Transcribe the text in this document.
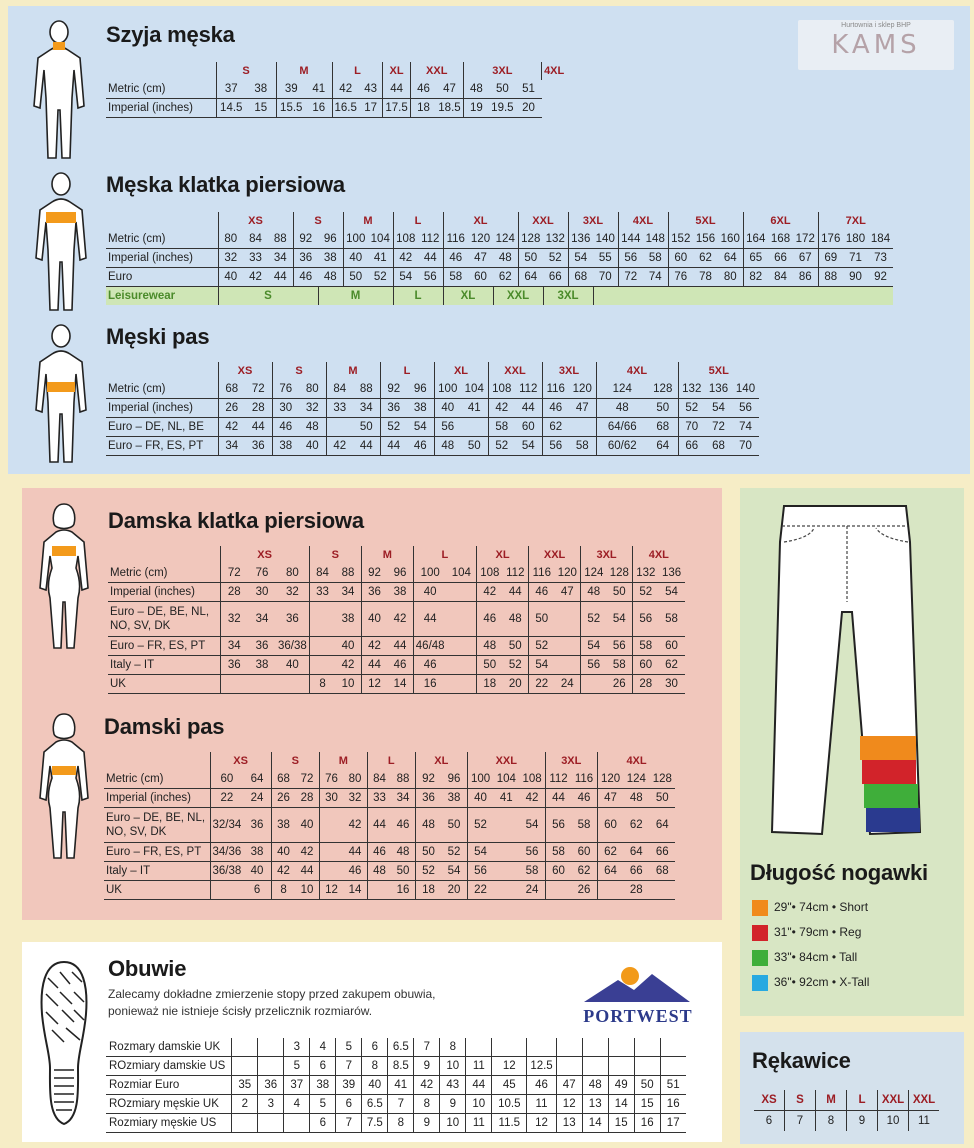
Hurtownia i sklep BHP
KAMS
Szyja męska
	S		M		L		XL	XXL		3XL			4XL
Metric (cm)	37	38	39	41	42	43	44	46	47	48	50	51	
Imperial (inches)	14.5	15	15.5	16	16.5	17	17.5	18	18.5	19	19.5	20	
Męska klatka piersiowa
	XS			S		M		L		XL			XXL		3XL		4XL		5XL			6XL			7XL		
Metric (cm)	80	84	88	92	96	100	104	108	112	116	120	124	128	132	136	140	144	148	152	156	160	164	168	172	176	180	184
Imperial (inches)	32	33	34	36	38	40	41	42	44	46	47	48	50	52	54	55	56	58	60	62	64	65	66	67	69	71	73
Euro	40	42	44	46	48	50	52	54	56	58	60	62	64	66	68	70	72	74	76	78	80	82	84	86	88	90	92
Leisurewear	S				M			L		XL		XXL		3XL													
Męski pas
	XS		S		M		L		XL		XXL		3XL		4XL		5XL		
Metric (cm)	68	72	76	80	84	88	92	96	100	104	108	112	116	120	124	128	132	136	140
Imperial (inches)	26	28	30	32	33	34	36	38	40	41	42	44	46	47	48	50	52	54	56
Euro – DE, NL, BE	42	44	46	48		50	52	54	56		58	60	62		64/66	68	70	72	74
Euro – FR, ES, PT	34	36	38	40	42	44	44	46	48	50	52	54	56	58	60/62	64	66	68	70
Damska klatka piersiowa
	XS			S		M		L		XL		XXL		3XL		4XL	
Metric (cm)	72	76	80	84	88	92	96	100	104	108	112	116	120	124	128	132	136
Imperial (inches)	28	30	32	33	34	36	38	40		42	44	46	47	48	50	52	54
Euro – DE, BE, NL, NO, SV, DK	32	34	36		38	40	42	44		46	48	50		52	54	56	58
Euro – FR, ES, PT	34	36	36/38		40	42	44	46/48		48	50	52		54	56	58	60
Italy – IT	36	38	40		42	44	46	46		50	52	54		56	58	60	62
UK				8	10	12	14	16		18	20	22	24		26	28	30
Damski pas
	XS		S		M		L		XL		XXL			3XL		4XL		
Metric (cm)	60	64	68	72	76	80	84	88	92	96	100	104	108	112	116	120	124	128
Imperial (inches)	22	24	26	28	30	32	33	34	36	38	40	41	42	44	46	47	48	50
Euro – DE, BE, NL, NO, SV, DK	32/34	36	38	40		42	44	46	48	50	52		54	56	58	60	62	64
Euro – FR, ES, PT	34/36	38	40	42		44	46	48	50	52	54		56	58	60	62	64	66
Italy – IT	36/38	40	42	44		46	48	50	52	54	56		58	60	62	64	66	68
UK		6	8	10	12	14		16	18	20	22		24		26		28	
Długość nogawki
29"• 74cm • Short
31"• 79cm • Reg
33"• 84cm • Tall
36"• 92cm • X-Tall
Obuwie
Zalecamy dokładne zmierzenie stopy przed zakupem obuwia,
ponieważ nie istnieje ścisły przelicznik rozmiarów.	PORTWEST
Rozmary damskie UK			3	4	5	6	6.5	7	8									
ROzmiary damskie US			5	6	7	8	8.5	9	10	11	12	12.5						
Rozmiar Euro	35	36	37	38	39	40	41	42	43	44	45	46	47	48	49	50	51	
ROzmiary męskie UK	2	3	4	5	6	6.5	7	8	9	10	10.5	11	12	13	14	15	16	
Rozmiary męskie US				6	7	7.5	8	9	10	11	11.5	12	13	14	15	16	17	
Rękawice
XS	S	M	L	XXL	XXL
6	7	8	9	10	11
